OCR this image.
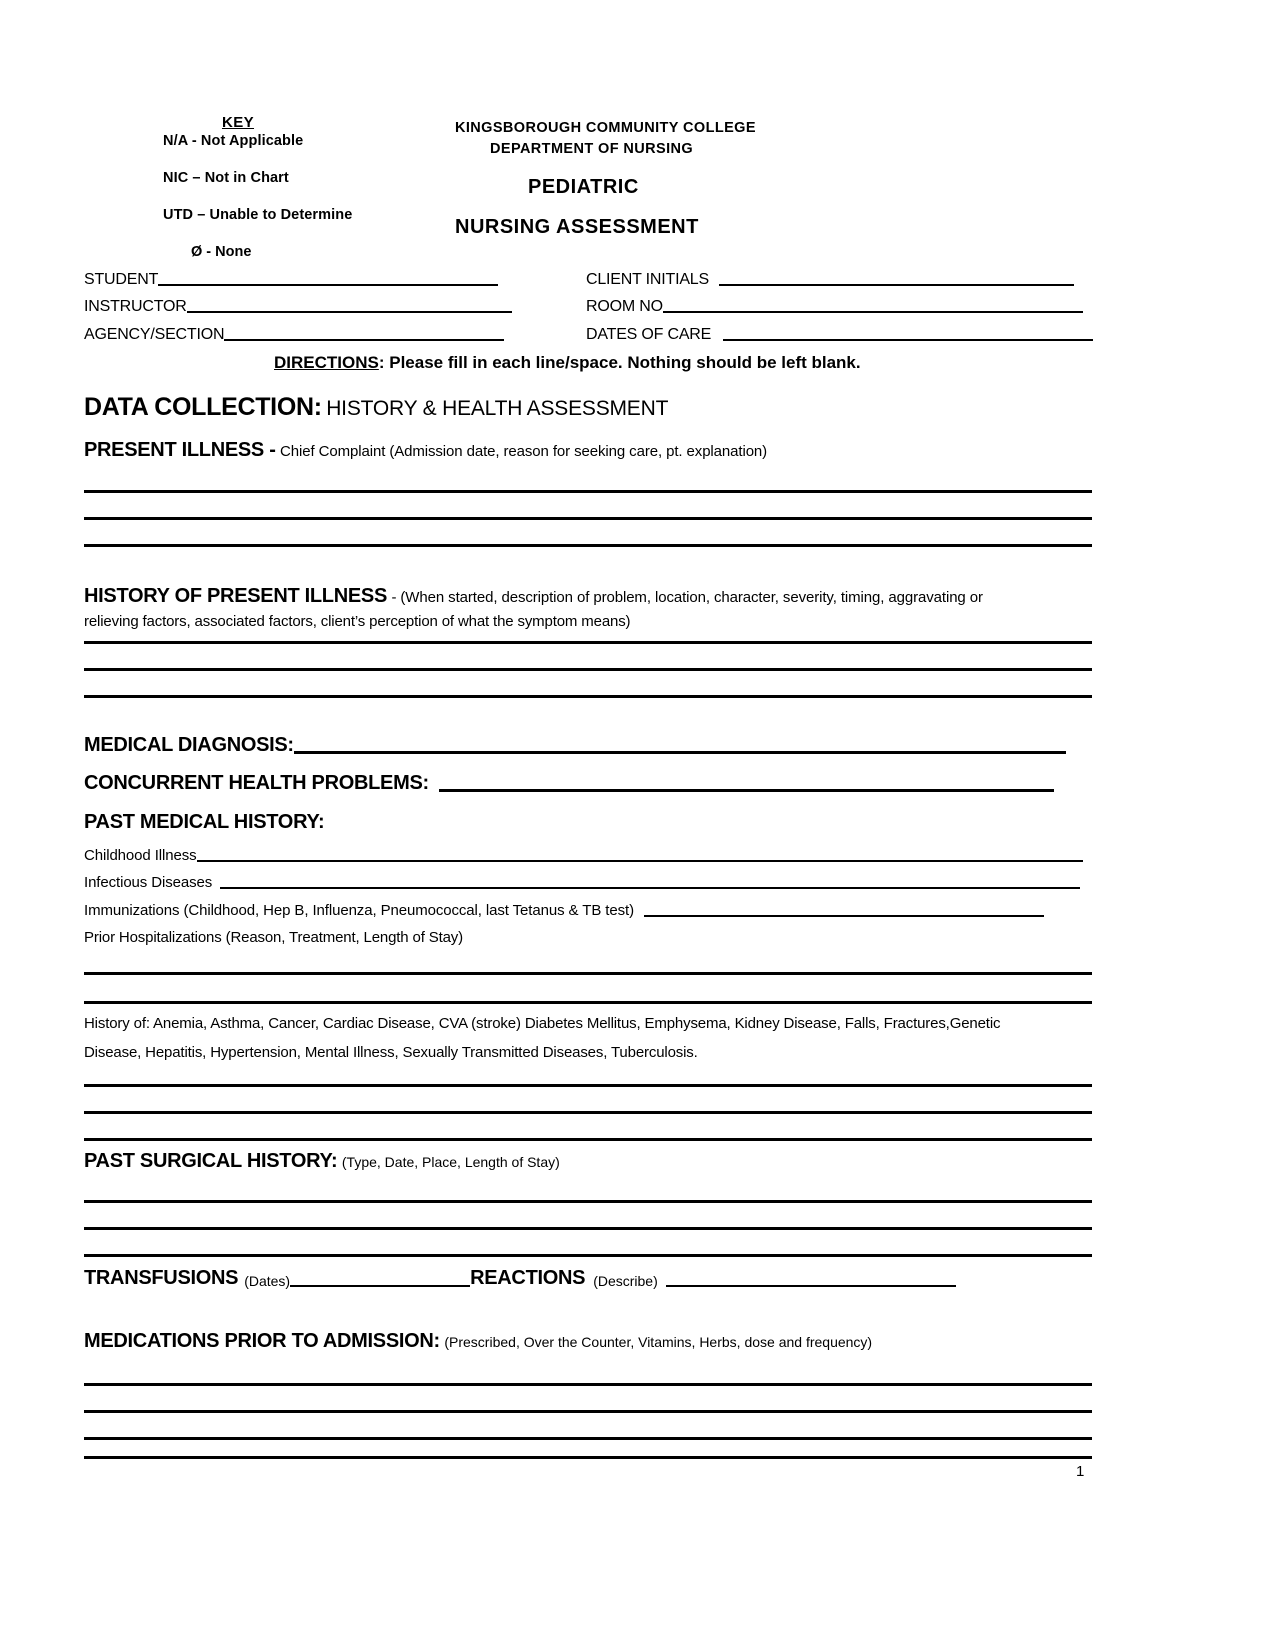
KEY
N/A - Not Applicable
NIC – Not in Chart
UTD – Unable to Determine
Ø - None
KINGSBOROUGH COMMUNITY COLLEGE
DEPARTMENT OF NURSING
PEDIATRIC
NURSING ASSESSMENT
STUDENT
INSTRUCTOR
AGENCY/SECTION
CLIENT INITIALS
ROOM NO
DATES OF CARE
DIRECTIONS: Please fill in each line/space. Nothing should be left blank.
DATA COLLECTION: HISTORY & HEALTH ASSESSMENT
PRESENT ILLNESS - Chief Complaint (Admission date, reason for seeking care, pt. explanation)
HISTORY OF PRESENT ILLNESS - (When started, description of problem, location, character, severity, timing, aggravating or
relieving factors, associated factors, client’s perception of what the symptom means)
MEDICAL DIAGNOSIS:
CONCURRENT HEALTH PROBLEMS:
PAST MEDICAL HISTORY:
Childhood Illness
Infectious Diseases
Immunizations (Childhood, Hep B, Influenza, Pneumococcal, last Tetanus & TB test)
Prior Hospitalizations (Reason, Treatment, Length of Stay)
History of: Anemia, Asthma, Cancer, Cardiac Disease, CVA (stroke) Diabetes Mellitus, Emphysema, Kidney Disease, Falls, Fractures,Genetic
Disease, Hepatitis, Hypertension, Mental Illness, Sexually Transmitted Diseases, Tuberculosis.
PAST SURGICAL HISTORY: (Type, Date, Place, Length of Stay)
TRANSFUSIONS (Dates)	REACTIONS (Describe)
MEDICATIONS PRIOR TO ADMISSION: (Prescribed, Over the Counter, Vitamins, Herbs, dose and frequency)
1
